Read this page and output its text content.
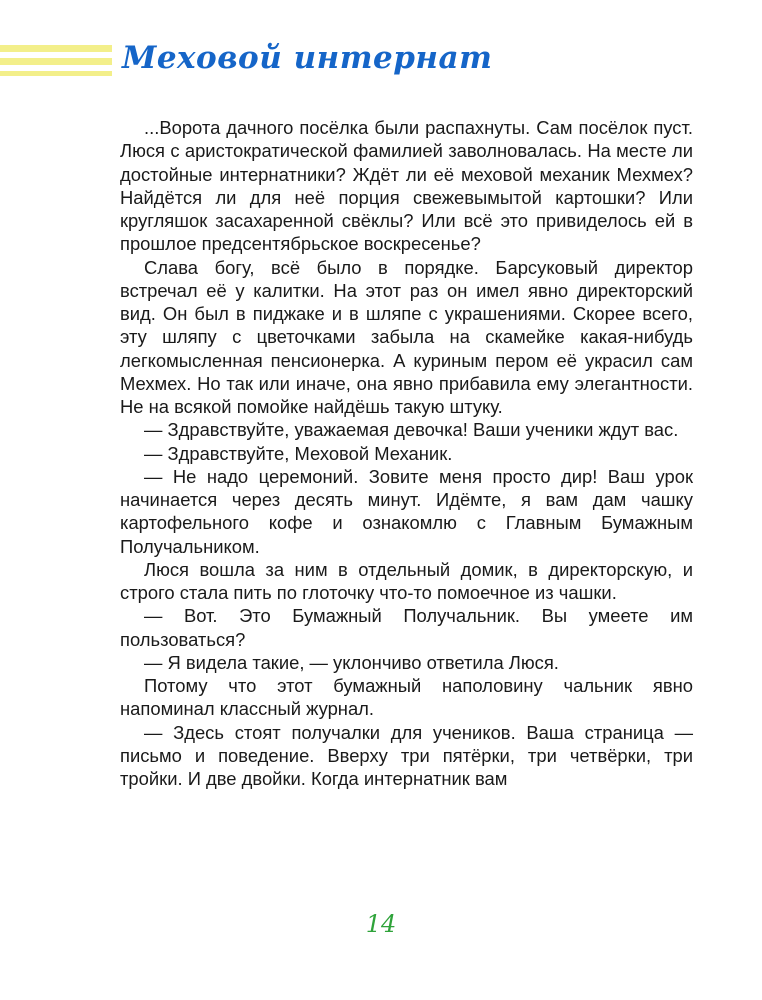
Меховой интернат

...Ворота дачного посёлка были распахнуты. Сам посёлок пуст. Люся с аристократической фамилией заволновалась. На месте ли достойные интернатники? Ждёт ли её меховой механик Мехмех? Найдётся ли для неё порция свежевымытой картошки? Или кругляшок засахаренной свёклы? Или всё это привиделось ей в прошлое предсентябрьское воскресенье?

Слава богу, всё было в порядке. Барсуковый директор встречал её у калитки. На этот раз он имел явно директорский вид. Он был в пиджаке и в шляпе с украшениями. Скорее всего, эту шляпу с цветочками забыла на скамейке какая-нибудь легкомысленная пенсионерка. А куриным пером её украсил сам Мехмех. Но так или иначе, она явно прибавила ему элегантности. Не на всякой помойке найдёшь такую штуку.

— Здравствуйте, уважаемая девочка! Ваши ученики ждут вас.

— Здравствуйте, Меховой Механик.

— Не надо церемоний. Зовите меня просто дир! Ваш урок начинается через десять минут. Идёмте, я вам дам чашку картофельного кофе и ознакомлю с Главным Бумажным Получальником.

Люся вошла за ним в отдельный домик, в директорскую, и строго стала пить по глоточку что-то помоечное из чашки.

— Вот. Это Бумажный Получальник. Вы умеете им пользоваться?

— Я видела такие, — уклончиво ответила Люся.

Потому что этот бумажный наполовину чальник явно напоминал классный журнал.

— Здесь стоят получалки для учеников. Ваша страница — письмо и поведение. Вверху три пятёрки, три четвёрки, три тройки. И две двойки. Когда интернатник вам

14
